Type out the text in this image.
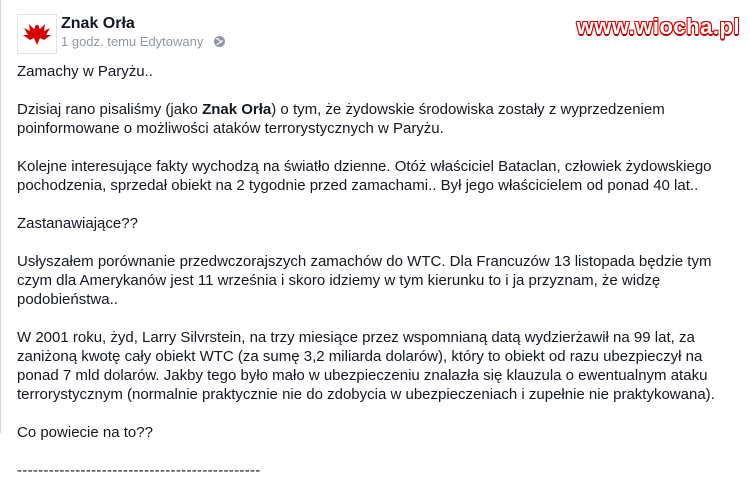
Znak Orła
1 godz. temu Edytowany
www.wiocha.pl

Zamachy w Paryżu..

Dzisiaj rano pisaliśmy (jako Znak Orła) o tym, że żydowskie środowiska zostały z wyprzedzeniem poinformowane o możliwości ataków terrorystycznych w Paryżu.

Kolejne interesujące fakty wychodzą na światło dzienne. Otóż właściciel Bataclan, człowiek żydowskiego pochodzenia, sprzedał obiekt na 2 tygodnie przed zamachami.. Był jego właścicielem od ponad 40 lat..

Zastanawiające??

Usłyszałem porównanie przedwczorajszych zamachów do WTC. Dla Francuzów 13 listopada będzie tym czym dla Amerykanów jest 11 września i skoro idziemy w tym kierunku to i ja przyznam, że widzę podobieństwa..

W 2001 roku, żyd, Larry Silvrstein, na trzy miesiące przez wspomnianą datą wydzierżawił na 99 lat, za zaniżoną kwotę cały obiekt WTC (za sumę 3,2 miliarda dolarów), który to obiekt od razu ubezpieczył na ponad 7 mld dolarów. Jakby tego było mało w ubezpieczeniu znalazła się klauzula o ewentualnym ataku terrorystycznym (normalnie praktycznie nie do zdobycia w ubezpieczeniach i zupełnie nie praktykowana).

Co powiecie na to??

----------------------------------------------
